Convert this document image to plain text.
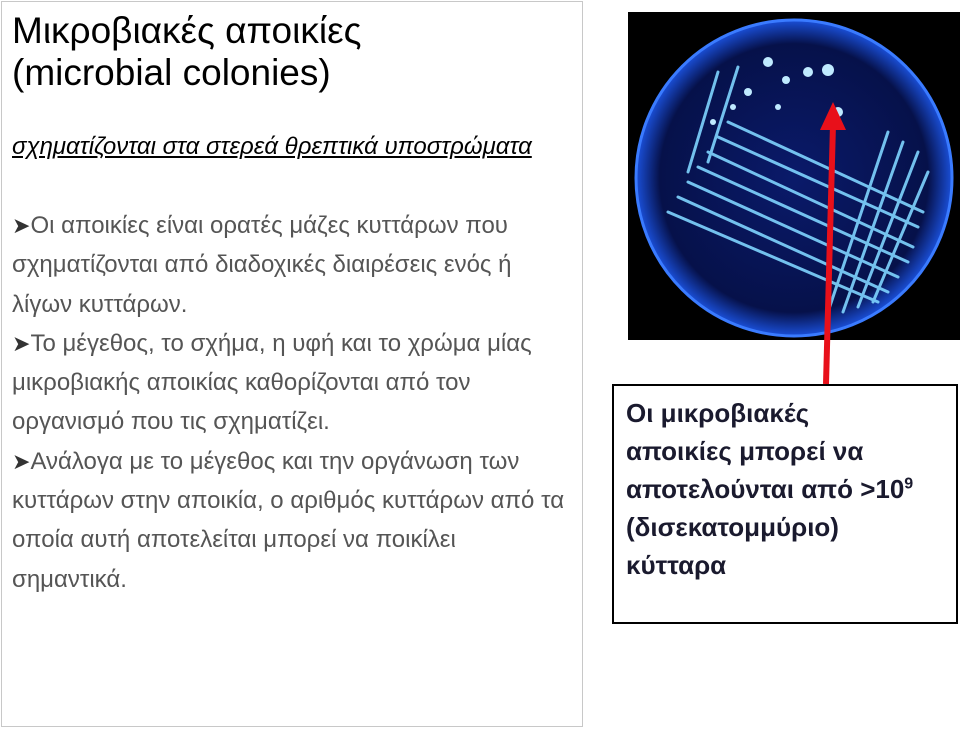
Μικροβιακές αποικίες
(microbial colonies)
σχηματίζονται στα στερεά θρεπτικά υποστρώματα

➤Οι αποικίες είναι ορατές μάζες κυττάρων που σχηματίζονται από διαδοχικές διαιρέσεις ενός ή λίγων κυττάρων.

➤Το μέγεθος, το σχήμα, η υφή και το χρώμα μίας μικροβιακής αποικίας καθορίζονται από τον οργανισμό που τις σχηματίζει.

➤Ανάλογα με το μέγεθος και την οργάνωση των κυττάρων στην αποικία, ο αριθμός κυττάρων από τα οποία αυτή αποτελείται μπορεί να ποικίλει σημαντικά.

Οι μικροβιακές
αποικίες μπορεί να
αποτελούνται $\alpha\pi ό >10^9$
(δισεκατομμύριο)
κύτταρα
